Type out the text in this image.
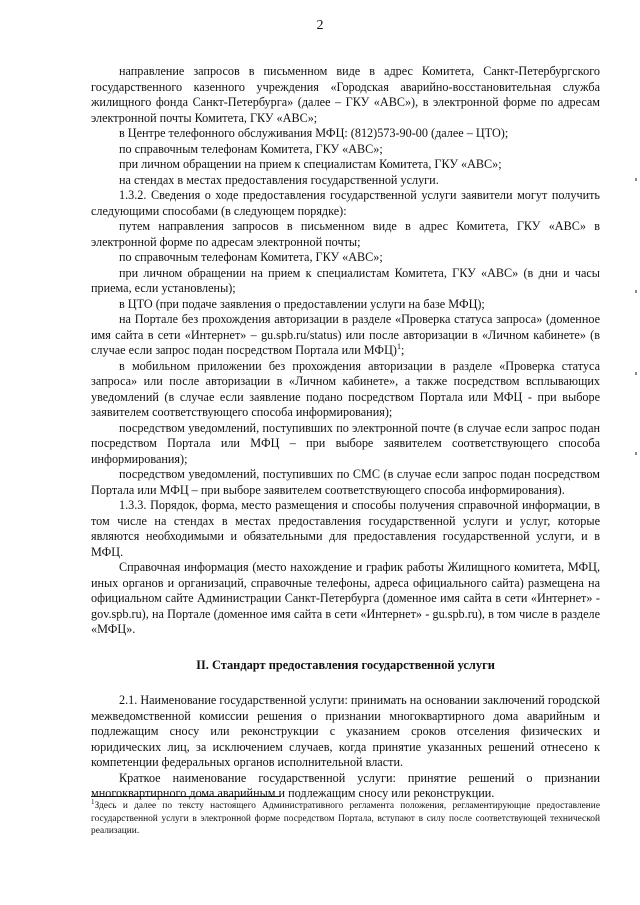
2

направление запросов в письменном виде в адрес Комитета, Санкт-Петербургского государственного казенного учреждения «Городская аварийно-восстановительная служба жилищного фонда Санкт-Петербурга» (далее – ГКУ «АВС»), в электронной форме по адресам электронной почты Комитета, ГКУ «АВС»;

в Центре телефонного обслуживания МФЦ: (812)573-90-00 (далее – ЦТО);

по справочным телефонам Комитета, ГКУ «АВС»;

при личном обращении на прием к специалистам Комитета, ГКУ «АВС»;

на стендах в местах предоставления государственной услуги.

1.3.2. Сведения о ходе предоставления государственной услуги заявители могут получить следующими способами (в следующем порядке):

путем направления запросов в письменном виде в адрес Комитета, ГКУ «АВС» в электронной форме по адресам электронной почты;

по справочным телефонам Комитета, ГКУ «АВС»;

при личном обращении на прием к специалистам Комитета, ГКУ «АВС» (в дни и часы приема, если установлены);

в ЦТО (при подаче заявления о предоставлении услуги на базе МФЦ);

на Портале без прохождения авторизации в разделе «Проверка статуса запроса» (доменное имя сайта в сети «Интернет» – gu.spb.ru/status) или после авторизации в «Личном кабинете» (в случае если запрос подан посредством Портала или МФЦ)$^1$;

в мобильном приложении без прохождения авторизации в разделе «Проверка статуса запроса» или после авторизации в «Личном кабинете», а также посредством всплывающих уведомлений (в случае если заявление подано посредством Портала или МФЦ - при выборе заявителем соответствующего способа информирования);

посредством уведомлений, поступивших по электронной почте (в случае если запрос подан посредством Портала или МФЦ – при выборе заявителем соответствующего способа информирования);

посредством уведомлений, поступивших по СМС (в случае если запрос подан посредством Портала или МФЦ – при выборе заявителем соответствующего способа информирования).

1.3.3. Порядок, форма, место размещения и способы получения справочной информации, в том числе на стендах в местах предоставления государственной услуги и услуг, которые являются необходимыми и обязательными для предоставления государственной услуги, и в МФЦ.

Справочная информация (место нахождение и график работы Жилищного комитета, МФЦ, иных органов и организаций, справочные телефоны, адреса официального сайта) размещена на официальном сайте Администрации Санкт-Петербурга (доменное имя сайта в сети «Интернет» - gov.spb.ru), на Портале (доменное имя сайта в сети «Интернет» - gu.spb.ru), в том числе в разделе «МФЦ».

II. Стандарт предоставления государственной услуги

2.1. Наименование государственной услуги: принимать на основании заключений городской межведомственной комиссии решения о признании многоквартирного дома аварийным и подлежащим сносу или реконструкции с указанием сроков отселения физических и юридических лиц, за исключением случаев, когда принятие указанных решений отнесено к компетенции федеральных органов исполнительной власти.

Краткое наименование государственной услуги: принятие решений о признании многоквартирного дома аварийным и подлежащим сносу или реконструкции.

$^1$Здесь и далее по тексту настоящего Административного регламента положения, регламентирующие предоставление государственной услуги в электронной форме посредством Портала, вступают в силу после соответствующей технической реализации.
